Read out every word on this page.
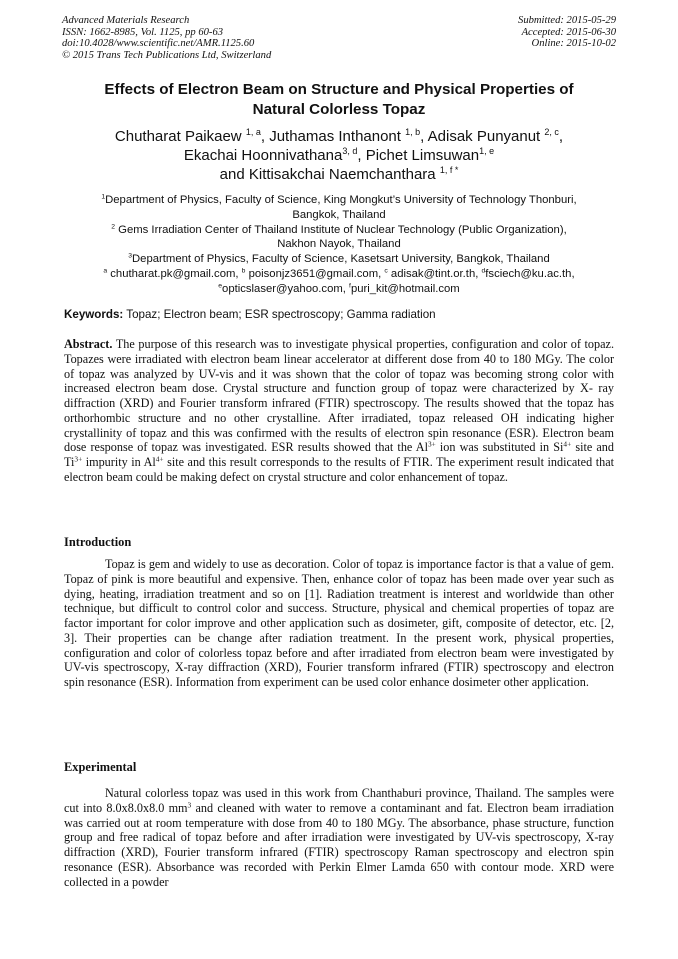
Advanced Materials Research
ISSN: 1662-8985, Vol. 1125, pp 60-63
doi:10.4028/www.scientific.net/AMR.1125.60
© 2015 Trans Tech Publications Ltd, Switzerland
Submitted: 2015-05-29
Accepted: 2015-06-30
Online: 2015-10-02
Effects of Electron Beam on Structure and Physical Properties of
Natural Colorless Topaz
Chutharat Paikaew $^{1, a}$, Juthamas Inthanont $^{1, b}$, Adisak Punyanut $^{2, c}$,
Ekachai Hoonnivathana$^{3, d}$, Pichet Limsuwan$^{1, e}$
and Kittisakchai Naemchanthara $^{1, f *}$
$^1$Department of Physics, Faculty of Science, King Mongkut’s University of Technology Thonburi,
Bangkok, Thailand
$^2$ Gems Irradiation Center of Thailand Institute of Nuclear Technology (Public Organization),
Nakhon Nayok, Thailand
$^3$Department of Physics, Faculty of Science, Kasetsart University, Bangkok, Thailand
$^a$ chutharat.pk@gmail.com, $^b$ poisonjz3651@gmail.com, $^c$ adisak@tint.or.th, $^d$fsciech@ku.ac.th,
$^e$opticslaser@yahoo.com, $^f$puri_kit@hotmail.com
Keywords: Topaz; Electron beam; ESR spectroscopy; Gamma radiation
Abstract. The purpose of this research was to investigate physical properties, configuration and color of topaz. Topazes were irradiated with electron beam linear accelerator at different dose from 40 to 180 MGy. The color of topaz was analyzed by UV-vis and it was shown that the color of topaz was becoming strong color with increased electron beam dose. Crystal structure and function group of topaz were characterized by X- ray diffraction (XRD) and Fourier transform infrared (FTIR) spectroscopy. The results showed that the topaz has orthorhombic structure and no other crystalline. After irradiated, topaz released OH indicating higher crystallinity of topaz and this was confirmed with the results of electron spin resonance (ESR). Electron beam dose response of topaz was investigated. ESR results showed that the $Al^{3+}$ ion was substituted in $Si^{4+}$ site and $Ti^{3+}$ impurity in $Al^{4+}$ site and this result corresponds to the results of FTIR. The experiment result indicated that electron beam could be making defect on crystal structure and color enhancement of topaz.
Introduction
Topaz is gem and widely to use as decoration. Color of topaz is importance factor is that a value of gem. Topaz of pink is more beautiful and expensive. Then, enhance color of topaz has been made over year such as dying, heating, irradiation treatment and so on [1]. Radiation treatment is interest and worldwide than other technique, but difficult to control color and success. Structure, physical and chemical properties of topaz are factor important for color improve and other application such as dosimeter, gift, composite of detector, etc. [2, 3]. Their properties can be change after radiation treatment. In the present work, physical properties, configuration and color of colorless topaz before and after irradiated from electron beam were investigated by UV-vis spectroscopy, X-ray diffraction (XRD), Fourier transform infrared (FTIR) spectroscopy and electron spin resonance (ESR). Information from experiment can be used color enhance dosimeter other application.
Experimental
Natural colorless topaz was used in this work from Chanthaburi province, Thailand. The samples were cut into 8.0x8.0x8.0 $mm^3$ and cleaned with water to remove a contaminant and fat. Electron beam irradiation was carried out at room temperature with dose from 40 to 180 MGy. The absorbance, phase structure, function group and free radical of topaz before and after irradiation were investigated by UV-vis spectroscopy, X-ray diffraction (XRD), Fourier transform infrared (FTIR) spectroscopy Raman spectroscopy and electron spin resonance (ESR). Absorbance was recorded with Perkin Elmer Lamda 650 with contour mode. XRD were collected in a powder
